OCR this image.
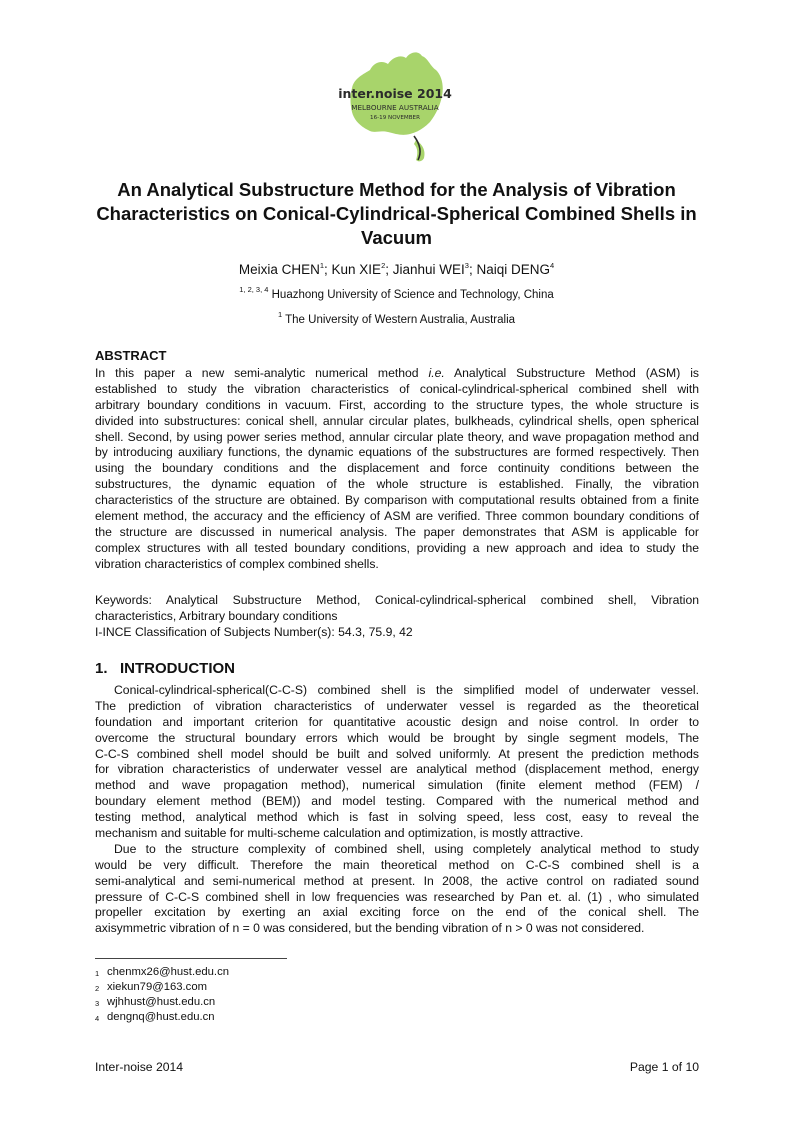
inter.noise 2014
MELBOURNE AUSTRALIA
16-19 NOVEMBER
An Analytical Substructure Method for the Analysis of Vibration
Characteristics on Conical-Cylindrical-Spherical Combined Shells in
Vacuum
Meixia CHEN$^1$; Kun XIE$^2$; Jianhui WEI$^3$; Naiqi DENG$^4$
$^{1, 2, 3, 4}$ Huazhong University of Science and Technology, China
$^1$ The University of Western Australia, Australia
ABSTRACT
In this paper a new semi-analytic numerical method i.e. Analytical Substructure Method (ASM) is
established to study the vibration characteristics of conical-cylindrical-spherical combined shell with
arbitrary boundary conditions in vacuum. First, according to the structure types, the whole structure is
divided into substructures: conical shell, annular circular plates, bulkheads, cylindrical shells, open spherical
shell. Second, by using power series method, annular circular plate theory, and wave propagation method and
by introducing auxiliary functions, the dynamic equations of the substructures are formed respectively. Then
using the boundary conditions and the displacement and force continuity conditions between the
substructures, the dynamic equation of the whole structure is established. Finally, the vibration
characteristics of the structure are obtained. By comparison with computational results obtained from a finite
element method, the accuracy and the efficiency of ASM are verified. Three common boundary conditions of
the structure are discussed in numerical analysis. The paper demonstrates that ASM is applicable for
complex structures with all tested boundary conditions, providing a new approach and idea to study the
vibration characteristics of complex combined shells.
Keywords: Analytical Substructure Method, Conical-cylindrical-spherical combined shell, Vibration
characteristics, Arbitrary boundary conditions
I-INCE Classification of Subjects Number(s): 54.3, 75.9, 42
1. INTRODUCTION
Conical-cylindrical-spherical(C-C-S) combined shell is the simplified model of underwater vessel.
The prediction of vibration characteristics of underwater vessel is regarded as the theoretical
foundation and important criterion for quantitative acoustic design and noise control. In order to
overcome the structural boundary errors which would be brought by single segment models, The
C-C-S combined shell model should be built and solved uniformly. At present the prediction methods
for vibration characteristics of underwater vessel are analytical method (displacement method, energy
method and wave propagation method), numerical simulation (finite element method (FEM) /
boundary element method (BEM)) and model testing. Compared with the numerical method and
testing method, analytical method which is fast in solving speed, less cost, easy to reveal the
mechanism and suitable for multi-scheme calculation and optimization, is mostly attractive.
Due to the structure complexity of combined shell, using completely analytical method to study
would be very difficult. Therefore the main theoretical method on C-C-S combined shell is a
semi-analytical and semi-numerical method at present. In 2008, the active control on radiated sound
pressure of C-C-S combined shell in low frequencies was researched by Pan et. al. (1) , who simulated
propeller excitation by exerting an axial exciting force on the end of the conical shell. The
axisymmetric vibration of n = 0 was considered, but the bending vibration of n > 0 was not considered.
1 chenmx26@hust.edu.cn
2 xiekun79@163.com
3 wjhhust@hust.edu.cn
4 dengnq@hust.edu.cn
Inter-noise 2014	Page 1 of 10
